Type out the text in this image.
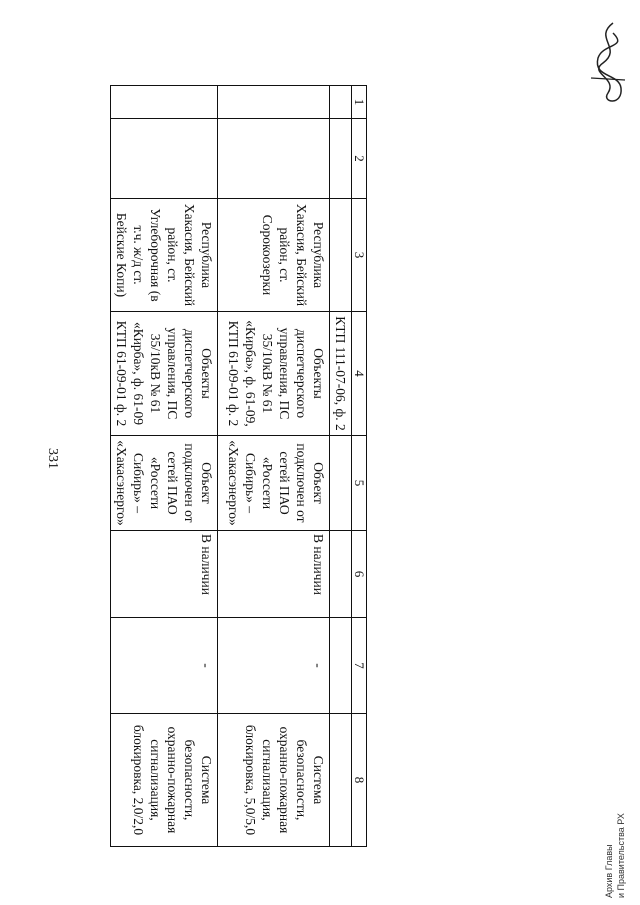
331
Архив Главы и Правительства РХ
1	2	3	4	5	6	7	8
			КТП 111-07-06, ф. 2				
		Республика Хакасия, Бейский район, ст. Сорокоозерки	Объекты диспетчерского управления, ПС 35/10кВ № 61 «Кирба», ф. 61-09, КТП 61-09-01 ф. 2	Объект подключен от сетей ПАО «Россети Сибирь» – «Хакасэнерго»	В наличии	-	Система безопасности, охранно-пожарная сигнализация, блокировка, 5,0/5,0
		Республика Хакасия, Бейский район, ст. Углеборочная (в т.ч. ж/д ст. Бейские Копи)	Объекты диспетчерского управления, ПС 35/10кВ № 61 «Кирба», ф. 61-09 КТП 61-09-01 ф. 2	Объект подключен от сетей ПАО «Россети Сибирь» – «Хакасэнерго»	В наличии	-	Система безопасности, охранно-пожарная сигнализация, блокировка, 2,0/2,0
